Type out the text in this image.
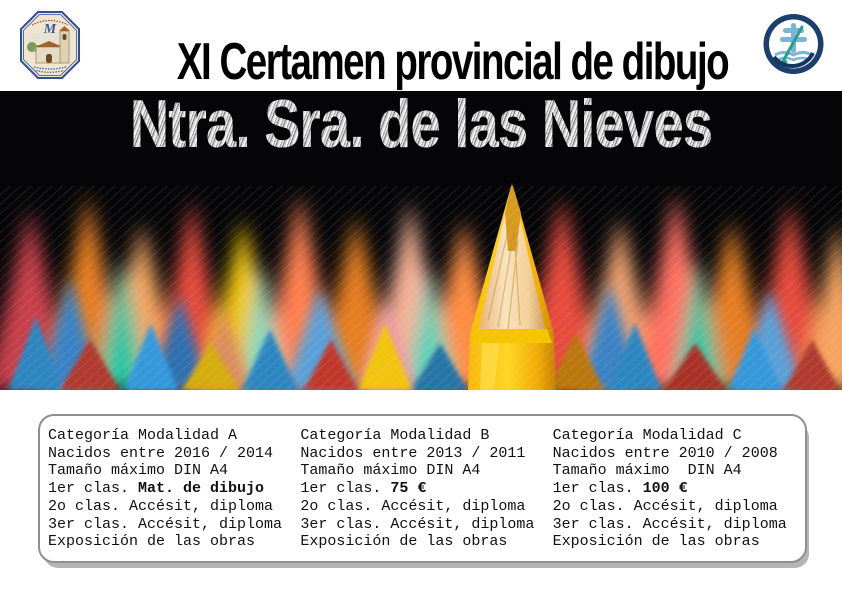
M
XI Certamen provincial de dibujo
Ntra. Sra. de las Nieves
Categoría Modalidad A
Nacidos entre 2016 / 2014
Tamaño máximo DIN A4
1er clas. Mat. de dibujo
2o clas. Accésit, diploma
3er clas. Accésit, diploma
Exposición de las obras
Categoría Modalidad B
Nacidos entre 2013 / 2011
Tamaño máximo DIN A4
1er clas. 75 €
2o clas. Accésit, diploma
3er clas. Accésit, diploma
Exposición de las obras
Categoría Modalidad C
Nacidos entre 2010 / 2008
Tamaño máximo  DIN A4
1er clas. 100 €
2o clas. Accésit, diploma
3er clas. Accésit, diploma
Exposición de las obras
